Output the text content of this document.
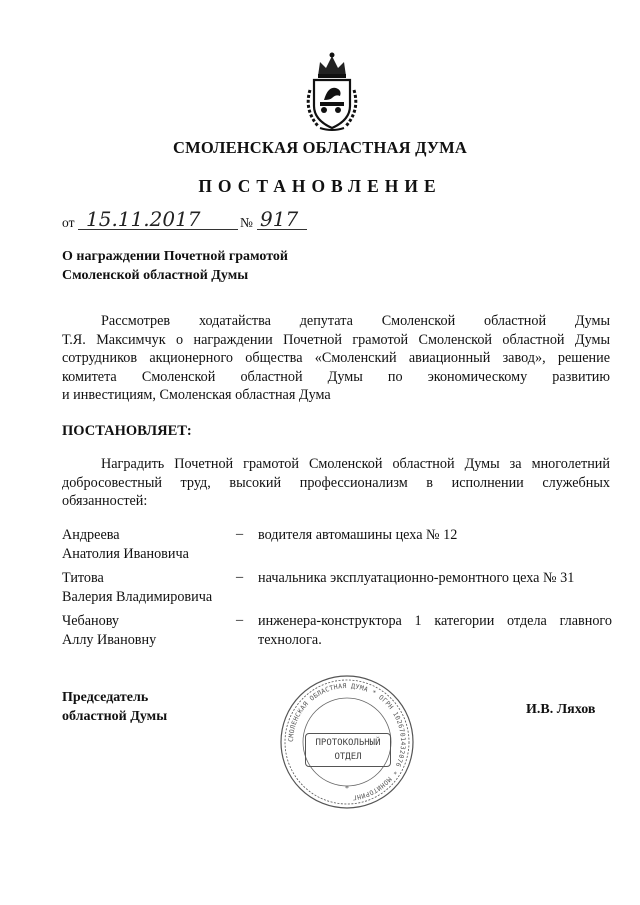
СМОЛЕНСКАЯ ОБЛАСТНАЯ ДУМА
ПОСТАНОВЛЕНИЕ
от 15.11.2017	№ 917
О награждении Почетной грамотой
Смоленской областной Думы
Рассмотрев ходатайства депутата Смоленской областной Думы
Т.Я. Максимчук о награждении Почетной грамотой Смоленской областной Думы
сотрудников акционерного общества «Смоленский авиационный завод», решение
комитета Смоленской областной Думы по экономическому развитию
и инвестициям, Смоленская областная Дума
ПОСТАНОВЛЯЕТ:
Наградить Почетной грамотой Смоленской областной Думы за многолетний
добросовестный труд, высокий профессионализм в исполнении служебных
обязанностей:
Андреева
Анатолия Ивановича
– водителя автомашины цеха № 12
Титова
Валерия Владимировича
– начальника эксплуатационно-ремонтного цеха № 31
Чебанову
Аллу Ивановну
– инженера-конструктора 1 категории отдела главного
технолога.
Председатель
областной Думы	И.В. Ляхов
СМОЛЕНСКАЯ ОБЛАСТНАЯ ДУМА * ОГРН 1026701432076 * МОНИТОРИНГ
*
ПРОТОКОЛЬНЫЙ
ОТДЕЛ
